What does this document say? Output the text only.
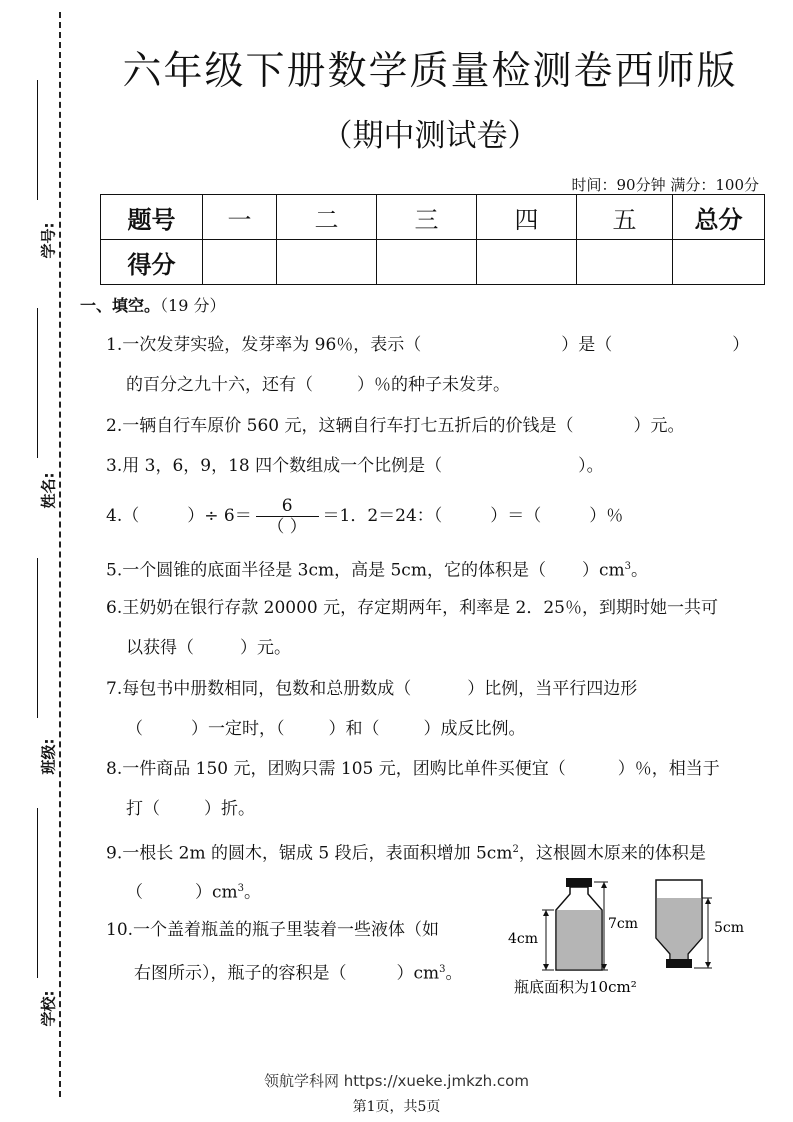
学号:
姓名:
班级:
学校:
六年级下册数学质量检测卷西师版
（期中测试卷）
时间：90分钟 满分：100分
题号	一	二	三	四	五	总分
得分						
一、填空。（19 分）
1.一次发芽实验，发芽率为 96％，表示（	）是（	）
的百分之九十六，还有（	）％的种子未发芽。
2.一辆自行车原价 560 元，这辆自行车打七五折后的价钱是（	）元。
3.用 3，6，9，18 四个数组成一个比例是（	）。
4.（	）÷ $6= \frac{6}{( )} =1$．2＝24：（	）＝（	）％
5.一个圆锥的底面半径是 3cm，高是 5cm，它的体积是（ ）$cm^3$。
6.王奶奶在银行存款 20000 元，存定期两年，利率是 2．25％，到期时她一共可
以获得（	）元。
7.每包书中册数相同，包数和总册数成（	）比例，当平行四边形
（	）一定时，（	）和（	）成反比例。
8.一件商品 150 元，团购只需 105 元，团购比单件买便宜（	）％，相当于
打（	）折。
9.一根长 2m 的圆木，锯成 5 段后，表面积增加 $5cm^2$，这根圆木原来的体积是
（	）$cm^3$。
10.一个盖着瓶盖的瓶子里装着一些液体（如
右图所示），瓶子的容积是（	）$cm^3$。
4cm
7cm	5cm
瓶底面积为10cm²
领航学科网 https://xueke.jmkzh.com
第1页，共5页
